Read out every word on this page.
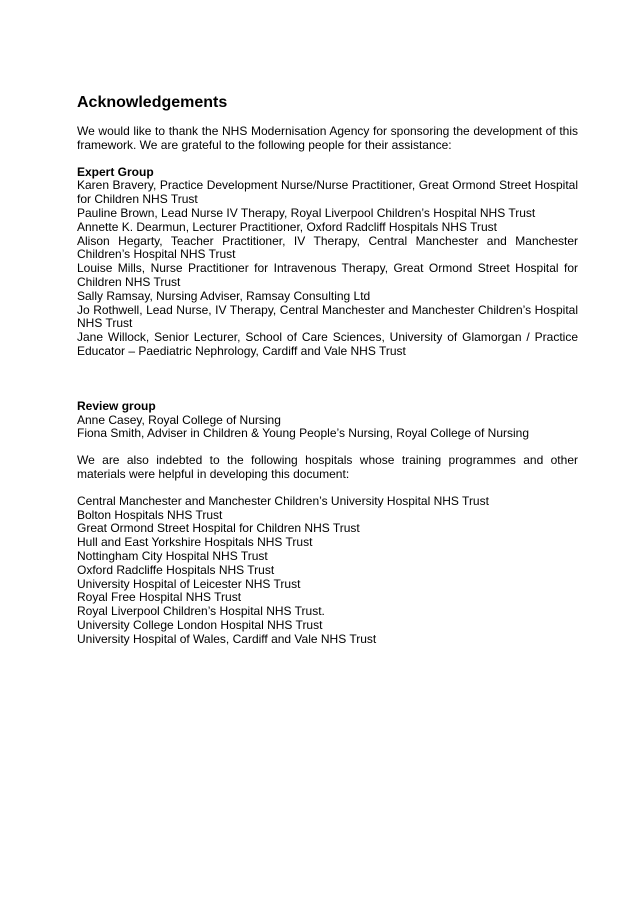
Acknowledgements

We would like to thank the NHS Modernisation Agency for sponsoring the development of this framework. We are grateful to the following people for their assistance:

Expert Group

Karen Bravery, Practice Development Nurse/Nurse Practitioner, Great Ormond Street Hospital for Children NHS Trust

Pauline Brown, Lead Nurse IV Therapy, Royal Liverpool Children’s Hospital NHS Trust

Annette K. Dearmun, Lecturer Practitioner, Oxford Radcliff Hospitals NHS Trust

Alison Hegarty, Teacher Practitioner, IV Therapy, Central Manchester and Manchester Children’s Hospital NHS Trust

Louise Mills, Nurse Practitioner for Intravenous Therapy, Great Ormond Street Hospital for Children NHS Trust

Sally Ramsay, Nursing Adviser, Ramsay Consulting Ltd

Jo Rothwell, Lead Nurse, IV Therapy, Central Manchester and Manchester Children’s Hospital NHS Trust

Jane Willock, Senior Lecturer, School of Care Sciences, University of Glamorgan / Practice Educator – Paediatric Nephrology, Cardiff and Vale NHS Trust

Review group

Anne Casey, Royal College of Nursing

Fiona Smith, Adviser in Children & Young People’s Nursing, Royal College of Nursing

We are also indebted to the following hospitals whose training programmes and other materials were helpful in developing this document:

Central Manchester and Manchester Children’s University Hospital NHS Trust

Bolton Hospitals NHS Trust

Great Ormond Street Hospital for Children NHS Trust

Hull and East Yorkshire Hospitals NHS Trust

Nottingham City Hospital NHS Trust

Oxford Radcliffe Hospitals NHS Trust

University Hospital of Leicester NHS Trust

Royal Free Hospital NHS Trust

Royal Liverpool Children’s Hospital NHS Trust.

University College London Hospital NHS Trust

University Hospital of Wales, Cardiff and Vale NHS Trust
